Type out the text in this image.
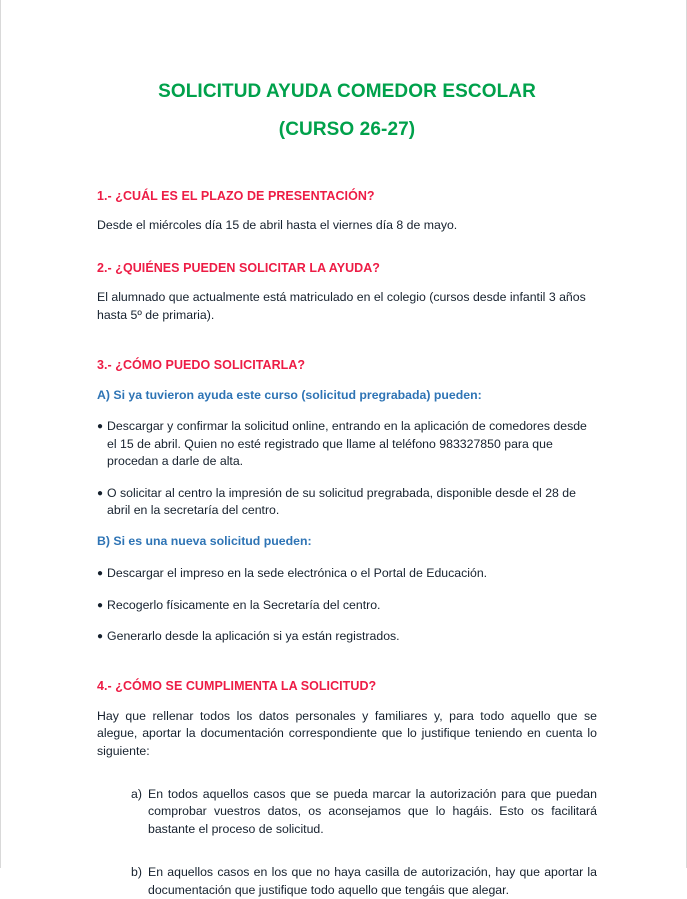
SOLICITUD AYUDA COMEDOR ESCOLAR
(CURSO 26-27)
1.- ¿CUÁL ES EL PLAZO DE PRESENTACIÓN?

Desde el miércoles día 15 de abril hasta el viernes día 8 de mayo.

2.- ¿QUIÉNES PUEDEN SOLICITAR LA AYUDA?

El alumnado que actualmente está matriculado en el colegio (cursos desde infantil 3 años hasta 5º de primaria).

3.- ¿CÓMO PUEDO SOLICITARLA?
A) Si ya tuvieron ayuda este curso (solicitud pregrabada) pueden:
● Descargar y confirmar la solicitud online, entrando en la aplicación de comedores desde el 15 de abril. Quien no esté registrado que llame al teléfono 983327850 para que procedan a darle de alta.

● O solicitar al centro la impresión de su solicitud pregrabada, disponible desde el 28 de abril en la secretaría del centro.

B) Si es una nueva solicitud pueden:
● Descargar el impreso en la sede electrónica o el Portal de Educación.

● Recogerlo físicamente en la Secretaría del centro.

● Generarlo desde la aplicación si ya están registrados.

4.- ¿CÓMO SE CUMPLIMENTA LA SOLICITUD?

Hay que rellenar todos los datos personales y familiares y, para todo aquello que se alegue, aportar la documentación correspondiente que lo justifique teniendo en cuenta lo siguiente:

a) En todos aquellos casos que se pueda marcar la autorización para que puedan comprobar vuestros datos, os aconsejamos que lo hagáis. Esto os facilitará bastante el proceso de solicitud.

b) En aquellos casos en los que no haya casilla de autorización, hay que aportar la documentación que justifique todo aquello que tengáis que alegar.
